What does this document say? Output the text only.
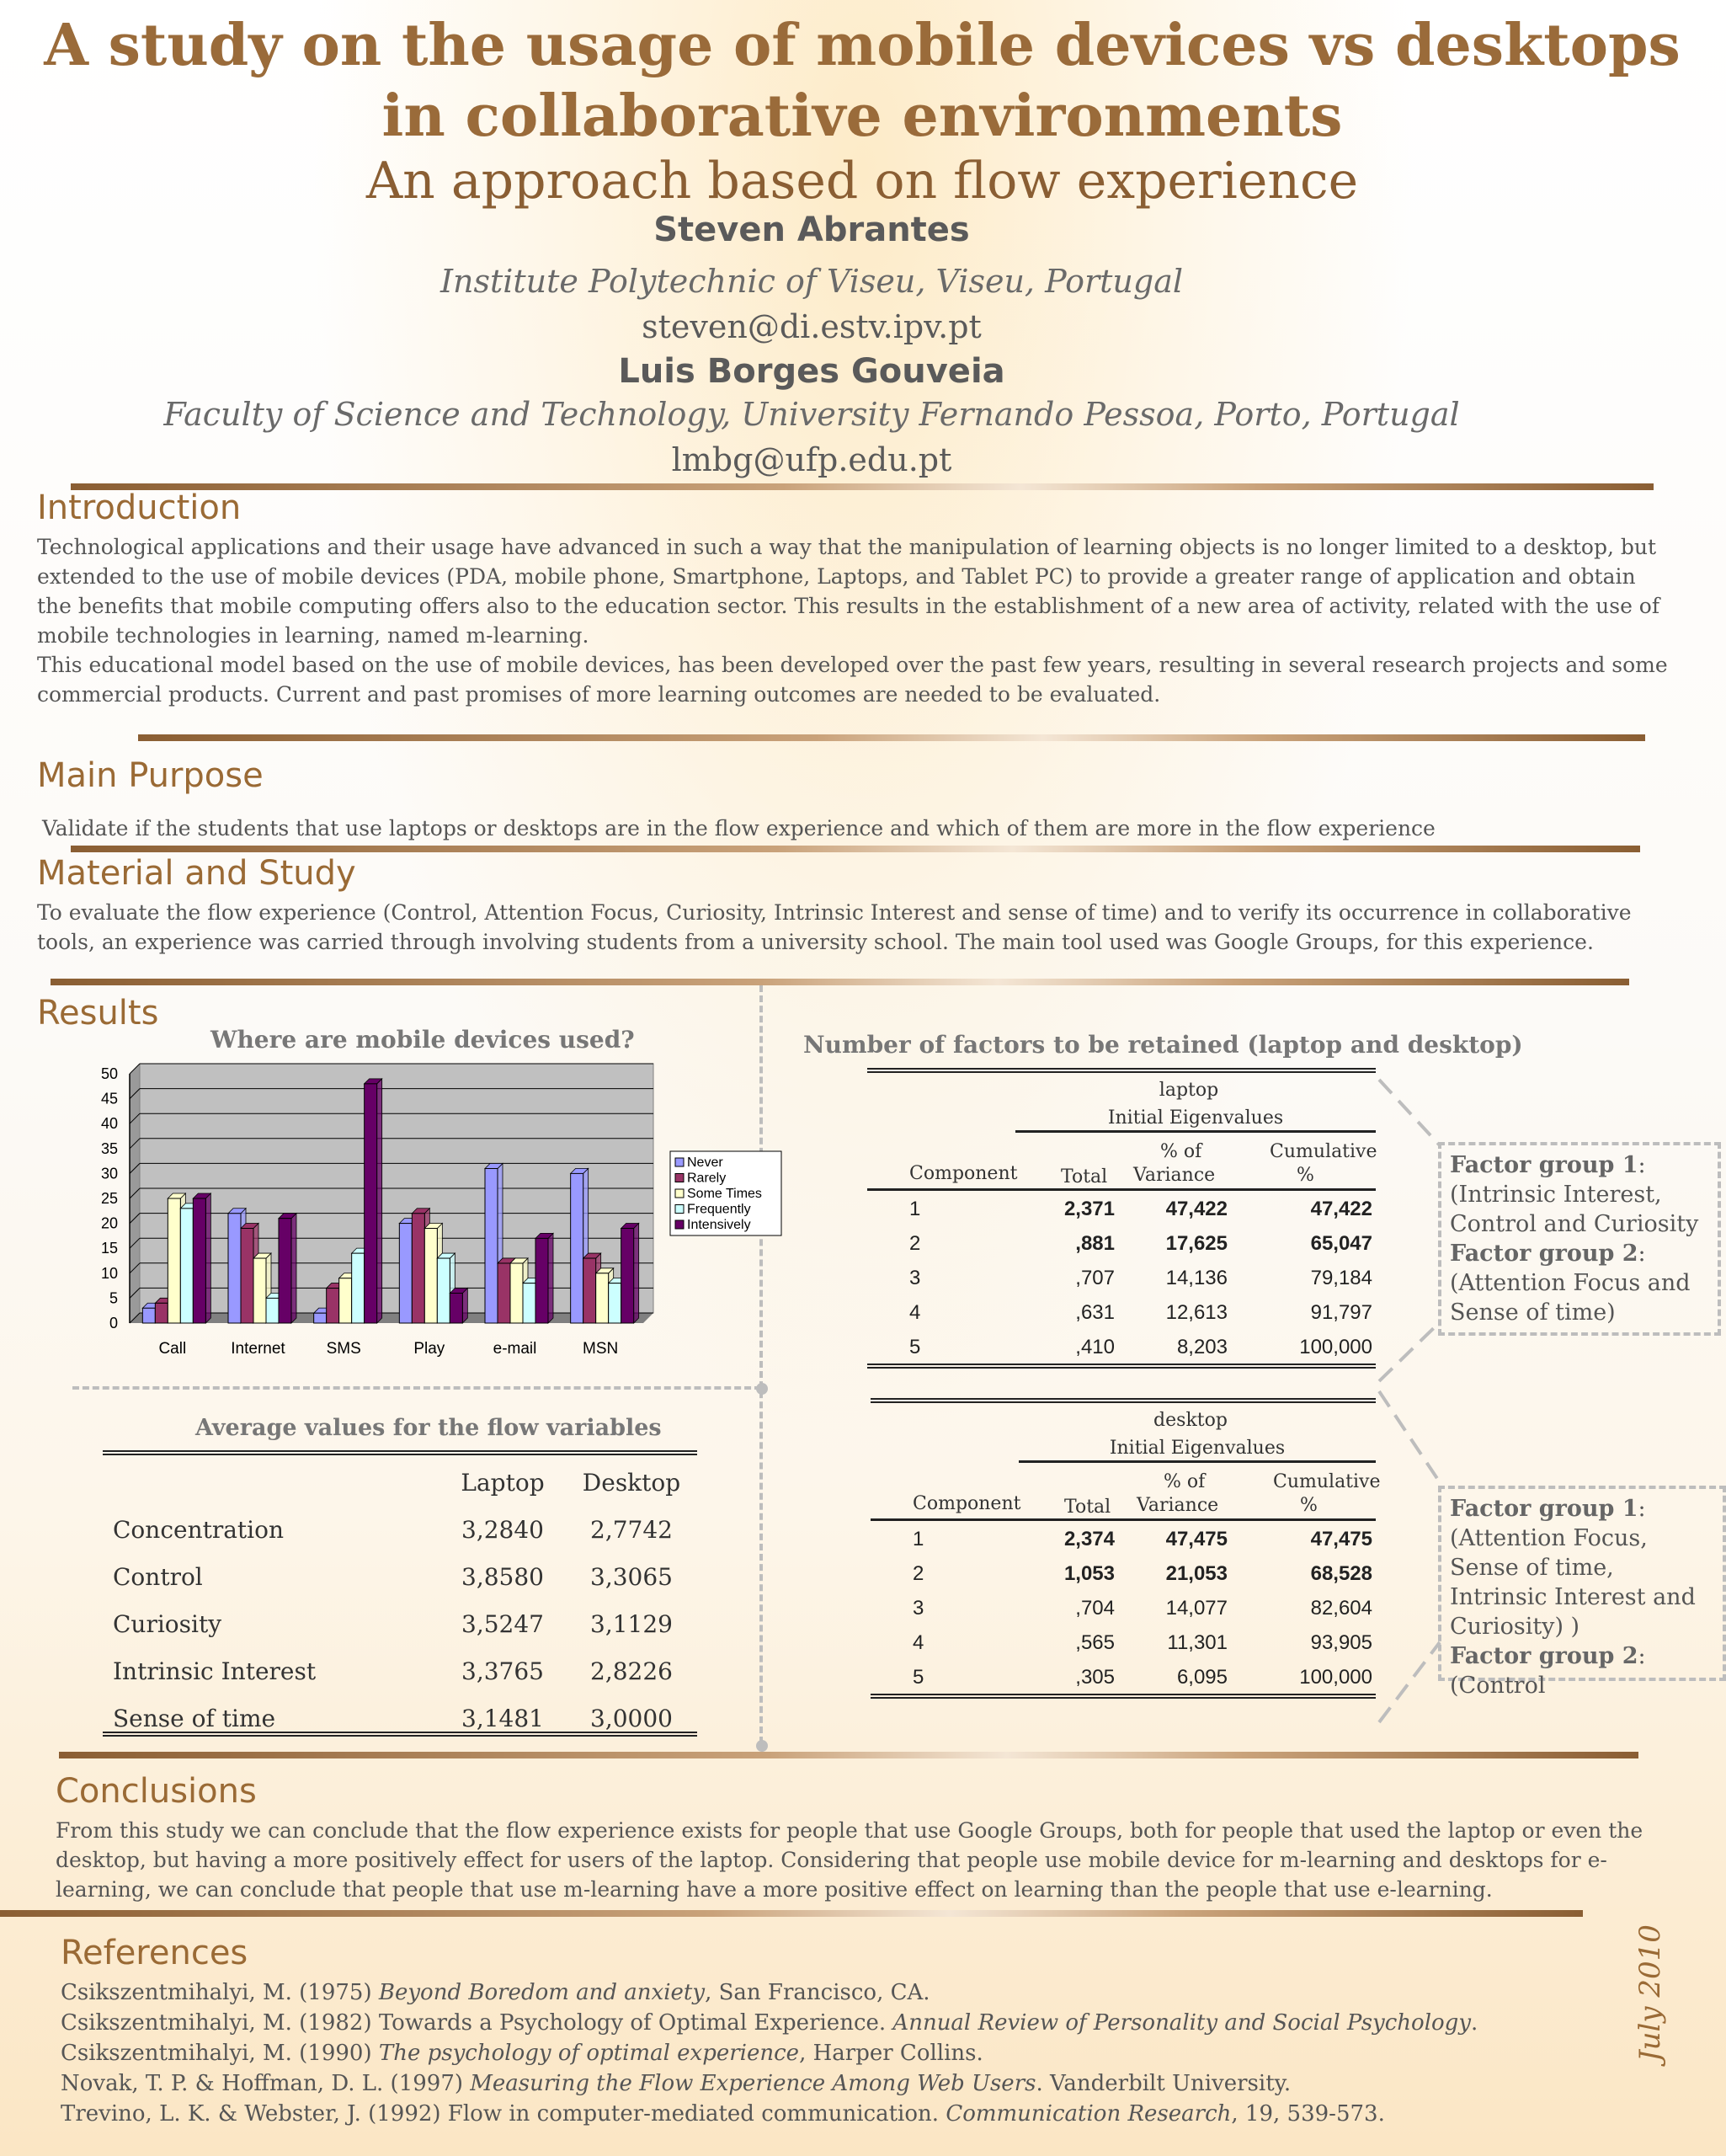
A study on the usage of mobile devices vs desktops
in collaborative environments
An approach based on flow experience
Steven Abrantes
Institute Polytechnic of Viseu, Viseu, Portugal
steven@di.estv.ipv.pt
Luis Borges Gouveia
Faculty of Science and Technology, University Fernando Pessoa, Porto, Portugal
lmbg@ufp.edu.pt
Introduction

Technological applications and their usage have advanced in such a way that the manipulation of learning objects is no longer limited to a desktop, but extended to the use of mobile devices (PDA, mobile phone, Smartphone, Laptops, and Tablet PC) to provide a greater range of application and obtain the benefits that mobile computing offers also to the education sector. This results in the establishment of a new area of activity, related with the use of mobile technologies in learning, named m-learning.

This educational model based on the use of mobile devices, has been developed over the past few years, resulting in several research projects and some commercial products. Current and past promises of more learning outcomes are needed to be evaluated.

Main Purpose
Validate if the students that use laptops or desktops are in the flow experience and which of them are more in the flow experience
Material and Study
To evaluate the flow experience (Control, Attention Focus, Curiosity, Intrinsic Interest and sense of time) and to verify its occurrence in collaborative tools, an experience was carried through involving students from a university school. The main tool used was Google Groups, for this experience.
Results
Where are mobile devices used?
0
5
10
15
20
25
30
35
40
45
50
Call	Internet	SMS	Play	e-mail	MSN
Never
Rarely
Some Times
Frequently
Intensively
Average values for the flow variables
	Laptop	Desktop
Concentration	3,2840	2,7742
Control	3,8580	3,3065
Curiosity	3,5247	3,1129
Intrinsic Interest	3,3765	2,8226
Sense of time	3,1481	3,0000
Number of factors to be retained (laptop and desktop)
laptop
Initial Eigenvalues
Component Total
% of
Variance
Cumulative
%
1	2,371	47,422	47,422
2	,881	17,625	65,047
3	,707	14,136	79,184
4	,631	12,613	91,797
5	,410	8,203	100,000
desktop
Initial Eigenvalues
Component Total
% of
Variance
Cumulative
%
1	2,374	47,475	47,475
2	1,053	21,053	68,528
3	,704	14,077	82,604
4	,565	11,301	93,905
5	,305	6,095	100,000
Factor group 1:
(Intrinsic Interest, Control and Curiosity
Factor group 2:
(Attention Focus and Sense of time)
Factor group 1:
(Attention Focus, Sense of time, Intrinsic Interest and Curiosity) )
Factor group 2:
(Control
Conclusions
From this study we can conclude that the flow experience exists for people that use Google Groups, both for people that used the laptop or even the desktop, but having a more positively effect for users of the laptop. Considering that people use mobile device for m-learning and desktops for e-learning, we can conclude that people that use m-learning have a more positive effect on learning than the people that use e-learning.
References

Csikszentmihalyi, M. (1975) Beyond Boredom and anxiety, San Francisco, CA.

Csikszentmihalyi, M. (1982) Towards a Psychology of Optimal Experience. Annual Review of Personality and Social Psychology.

Csikszentmihalyi, M. (1990) The psychology of optimal experience, Harper Collins.

Novak, T. P. & Hoffman, D. L. (1997) Measuring the Flow Experience Among Web Users. Vanderbilt University.

Trevino, L. K. & Webster, J. (1992) Flow in computer-mediated communication. Communication Research, 19, 539-573.

July 2010
